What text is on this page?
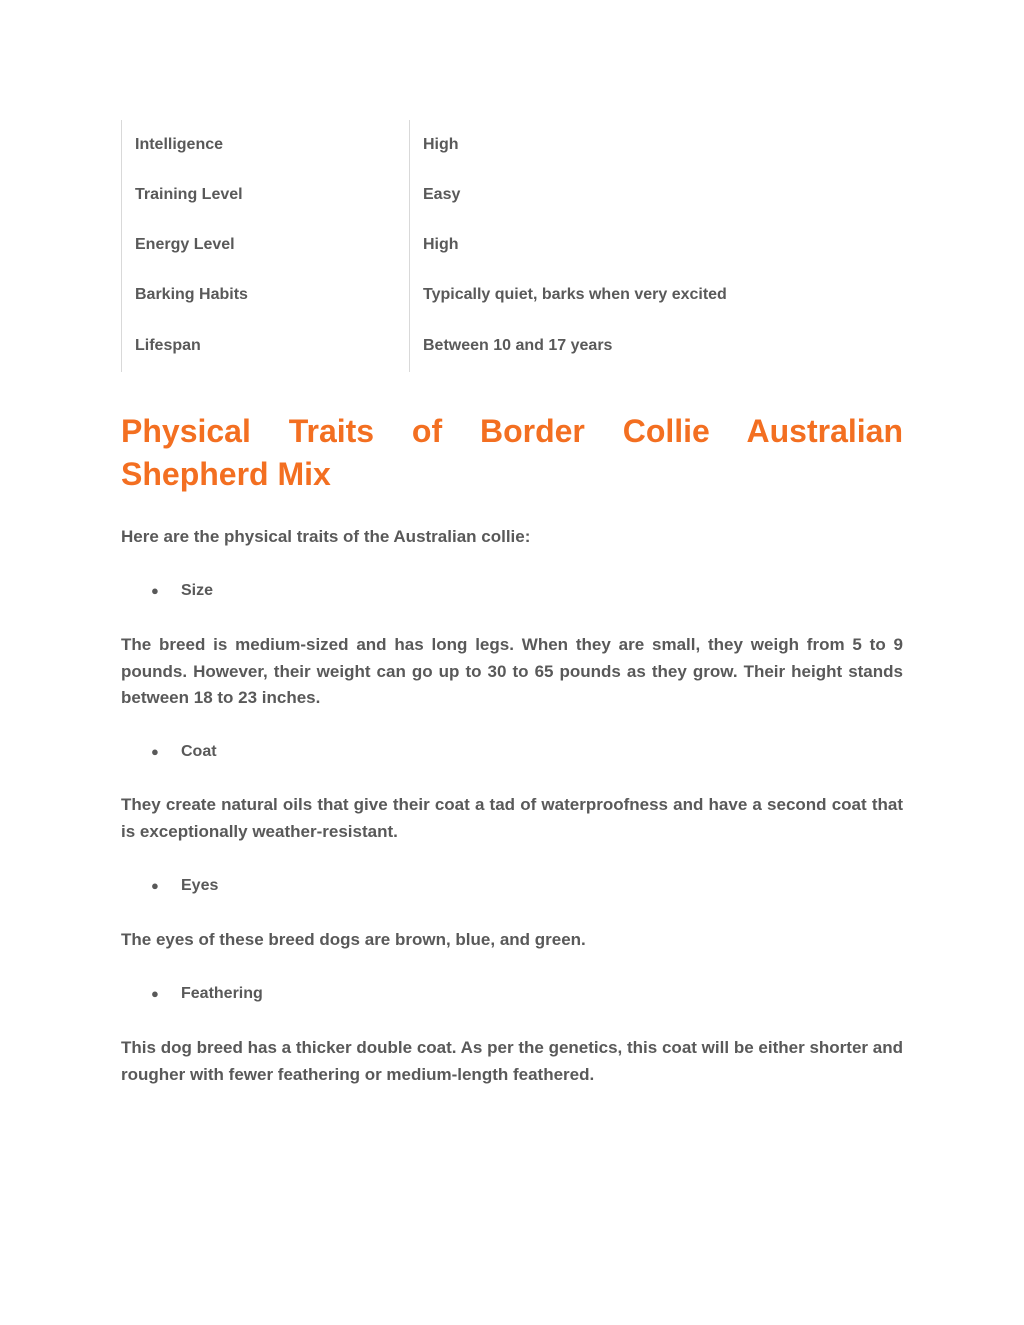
Intelligence	High
Training Level	Easy
Energy Level	High
Barking Habits	Typically quiet, barks when very excited
Lifespan	Between 10 and 17 years
Physical Traits of Border Collie Australian Shepherd Mix

Here are the physical traits of the Australian collie:

● Size

The breed is medium-sized and has long legs. When they are small, they weigh from 5 to 9 pounds. However, their weight can go up to 30 to 65 pounds as they grow. Their height stands between 18 to 23 inches.

● Coat

They create natural oils that give their coat a tad of waterproofness and have a second coat that is exceptionally weather-resistant.

● Eyes

The eyes of these breed dogs are brown, blue, and green.

● Feathering

This dog breed has a thicker double coat. As per the genetics, this coat will be either shorter and rougher with fewer feathering or medium-length feathered.
